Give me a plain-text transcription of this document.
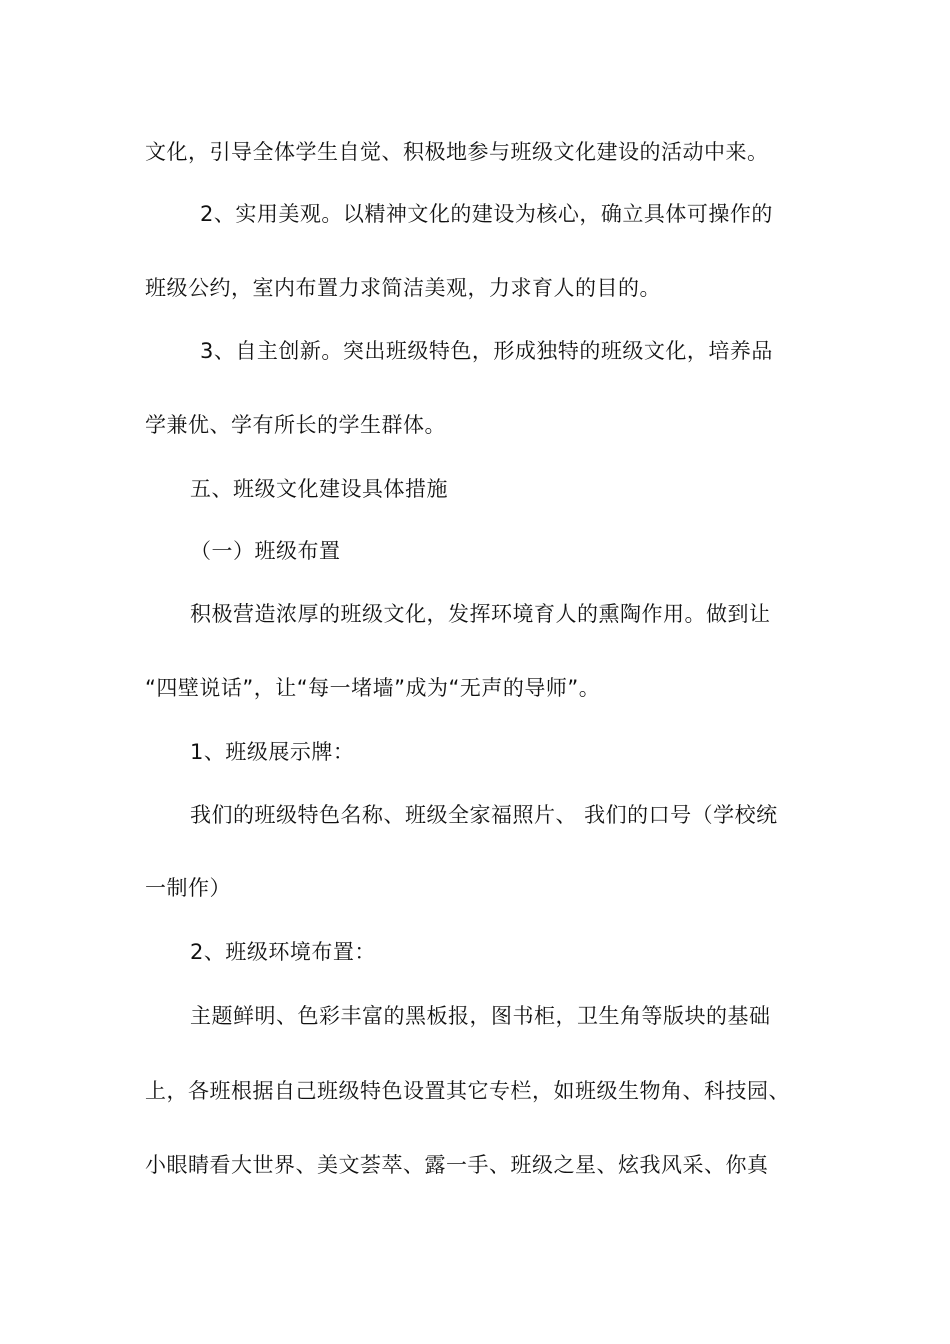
文化，引导全体学生自觉、积极地参与班级文化建设的活动中来。
2、实用美观。以精神文化的建设为核心，确立具体可操作的
班级公约，室内布置力求简洁美观，力求育人的目的。
3、自主创新。突出班级特色，形成独特的班级文化，培养品
学兼优、学有所长的学生群体。
五、班级文化建设具体措施
（一）班级布置
积极营造浓厚的班级文化，发挥环境育人的熏陶作用。做到让
“四壁说话”，让“每一堵墙”成为“无声的导师”。
1、班级展示牌：
我们的班级特色名称、班级全家福照片、 我们的口号（学校统
一制作）
2、班级环境布置：
主题鲜明、色彩丰富的黑板报，图书柜，卫生角等版块的基础
上，各班根据自己班级特色设置其它专栏，如班级生物角、科技园、
小眼睛看大世界、美文荟萃、露一手、班级之星、炫我风采、你真
